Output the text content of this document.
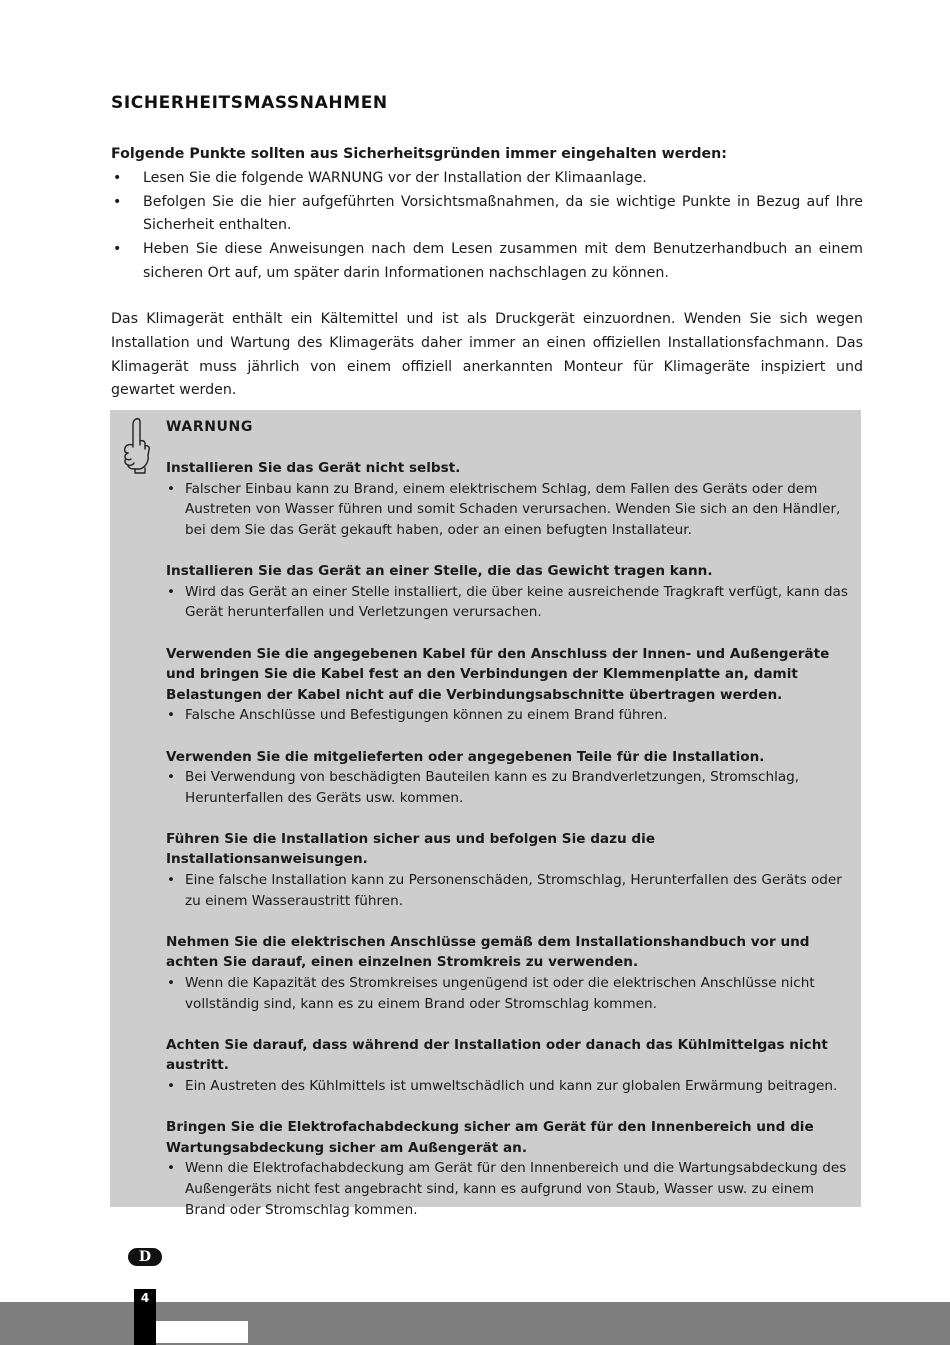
SICHERHEITSMASSNAHMEN
Folgende Punkte sollten aus Sicherheitsgründen immer eingehalten werden:
• Lesen Sie die folgende WARNUNG vor der Installation der Klimaanlage.
• Befolgen Sie die hier aufgeführten Vorsichtsmaßnahmen, da sie wichtige Punkte in Bezug auf Ihre Sicherheit enthalten.
• Heben Sie diese Anweisungen nach dem Lesen zusammen mit dem Benutzerhandbuch an einem sicheren Ort auf, um später darin Informationen nachschlagen zu können.
Das Klimagerät enthält ein Kältemittel und ist als Druckgerät einzuordnen. Wenden Sie sich wegen Installation und Wartung des Klimageräts daher immer an einen offiziellen Installationsfachmann. Das Klimagerät muss jährlich von einem offiziell anerkannten Monteur für Klimageräte inspiziert und gewartet werden.
WARNUNG
Installieren Sie das Gerät nicht selbst.
• Falscher Einbau kann zu Brand, einem elektrischem Schlag, dem Fallen des Geräts oder dem Austreten von Wasser führen und somit Schaden verursachen. Wenden Sie sich an den Händler, bei dem Sie das Gerät gekauft haben, oder an einen befugten Installateur.
Installieren Sie das Gerät an einer Stelle, die das Gewicht tragen kann.
• Wird das Gerät an einer Stelle installiert, die über keine ausreichende Tragkraft verfügt, kann das Gerät herunterfallen und Verletzungen verursachen.
Verwenden Sie die angegebenen Kabel für den Anschluss der Innen- und Außengeräte und bringen Sie die Kabel fest an den Verbindungen der Klemmenplatte an, damit Belastungen der Kabel nicht auf die Verbindungsabschnitte übertragen werden.
• Falsche Anschlüsse und Befestigungen können zu einem Brand führen.
Verwenden Sie die mitgelieferten oder angegebenen Teile für die Installation.
• Bei Verwendung von beschädigten Bauteilen kann es zu Brandverletzungen, Stromschlag, Herunterfallen des Geräts usw. kommen.
Führen Sie die Installation sicher aus und befolgen Sie dazu die Installationsanweisungen.
• Eine falsche Installation kann zu Personenschäden, Stromschlag, Herunterfallen des Geräts oder zu einem Wasseraustritt führen.
Nehmen Sie die elektrischen Anschlüsse gemäß dem Installationshandbuch vor und achten Sie darauf, einen einzelnen Stromkreis zu verwenden.
• Wenn die Kapazität des Stromkreises ungenügend ist oder die elektrischen Anschlüsse nicht vollständig sind, kann es zu einem Brand oder Stromschlag kommen.
Achten Sie darauf, dass während der Installation oder danach das Kühlmittelgas nicht austritt.
• Ein Austreten des Kühlmittels ist umweltschädlich und kann zur globalen Erwärmung beitragen.
Bringen Sie die Elektrofachabdeckung sicher am Gerät für den Innenbereich und die Wartungsabdeckung sicher am Außengerät an.
• Wenn die Elektrofachabdeckung am Gerät für den Innenbereich und die Wartungsabdeckung des Außengeräts nicht fest angebracht sind, kann es aufgrund von Staub, Wasser usw. zu einem Brand oder Stromschlag kommen.
D
4
